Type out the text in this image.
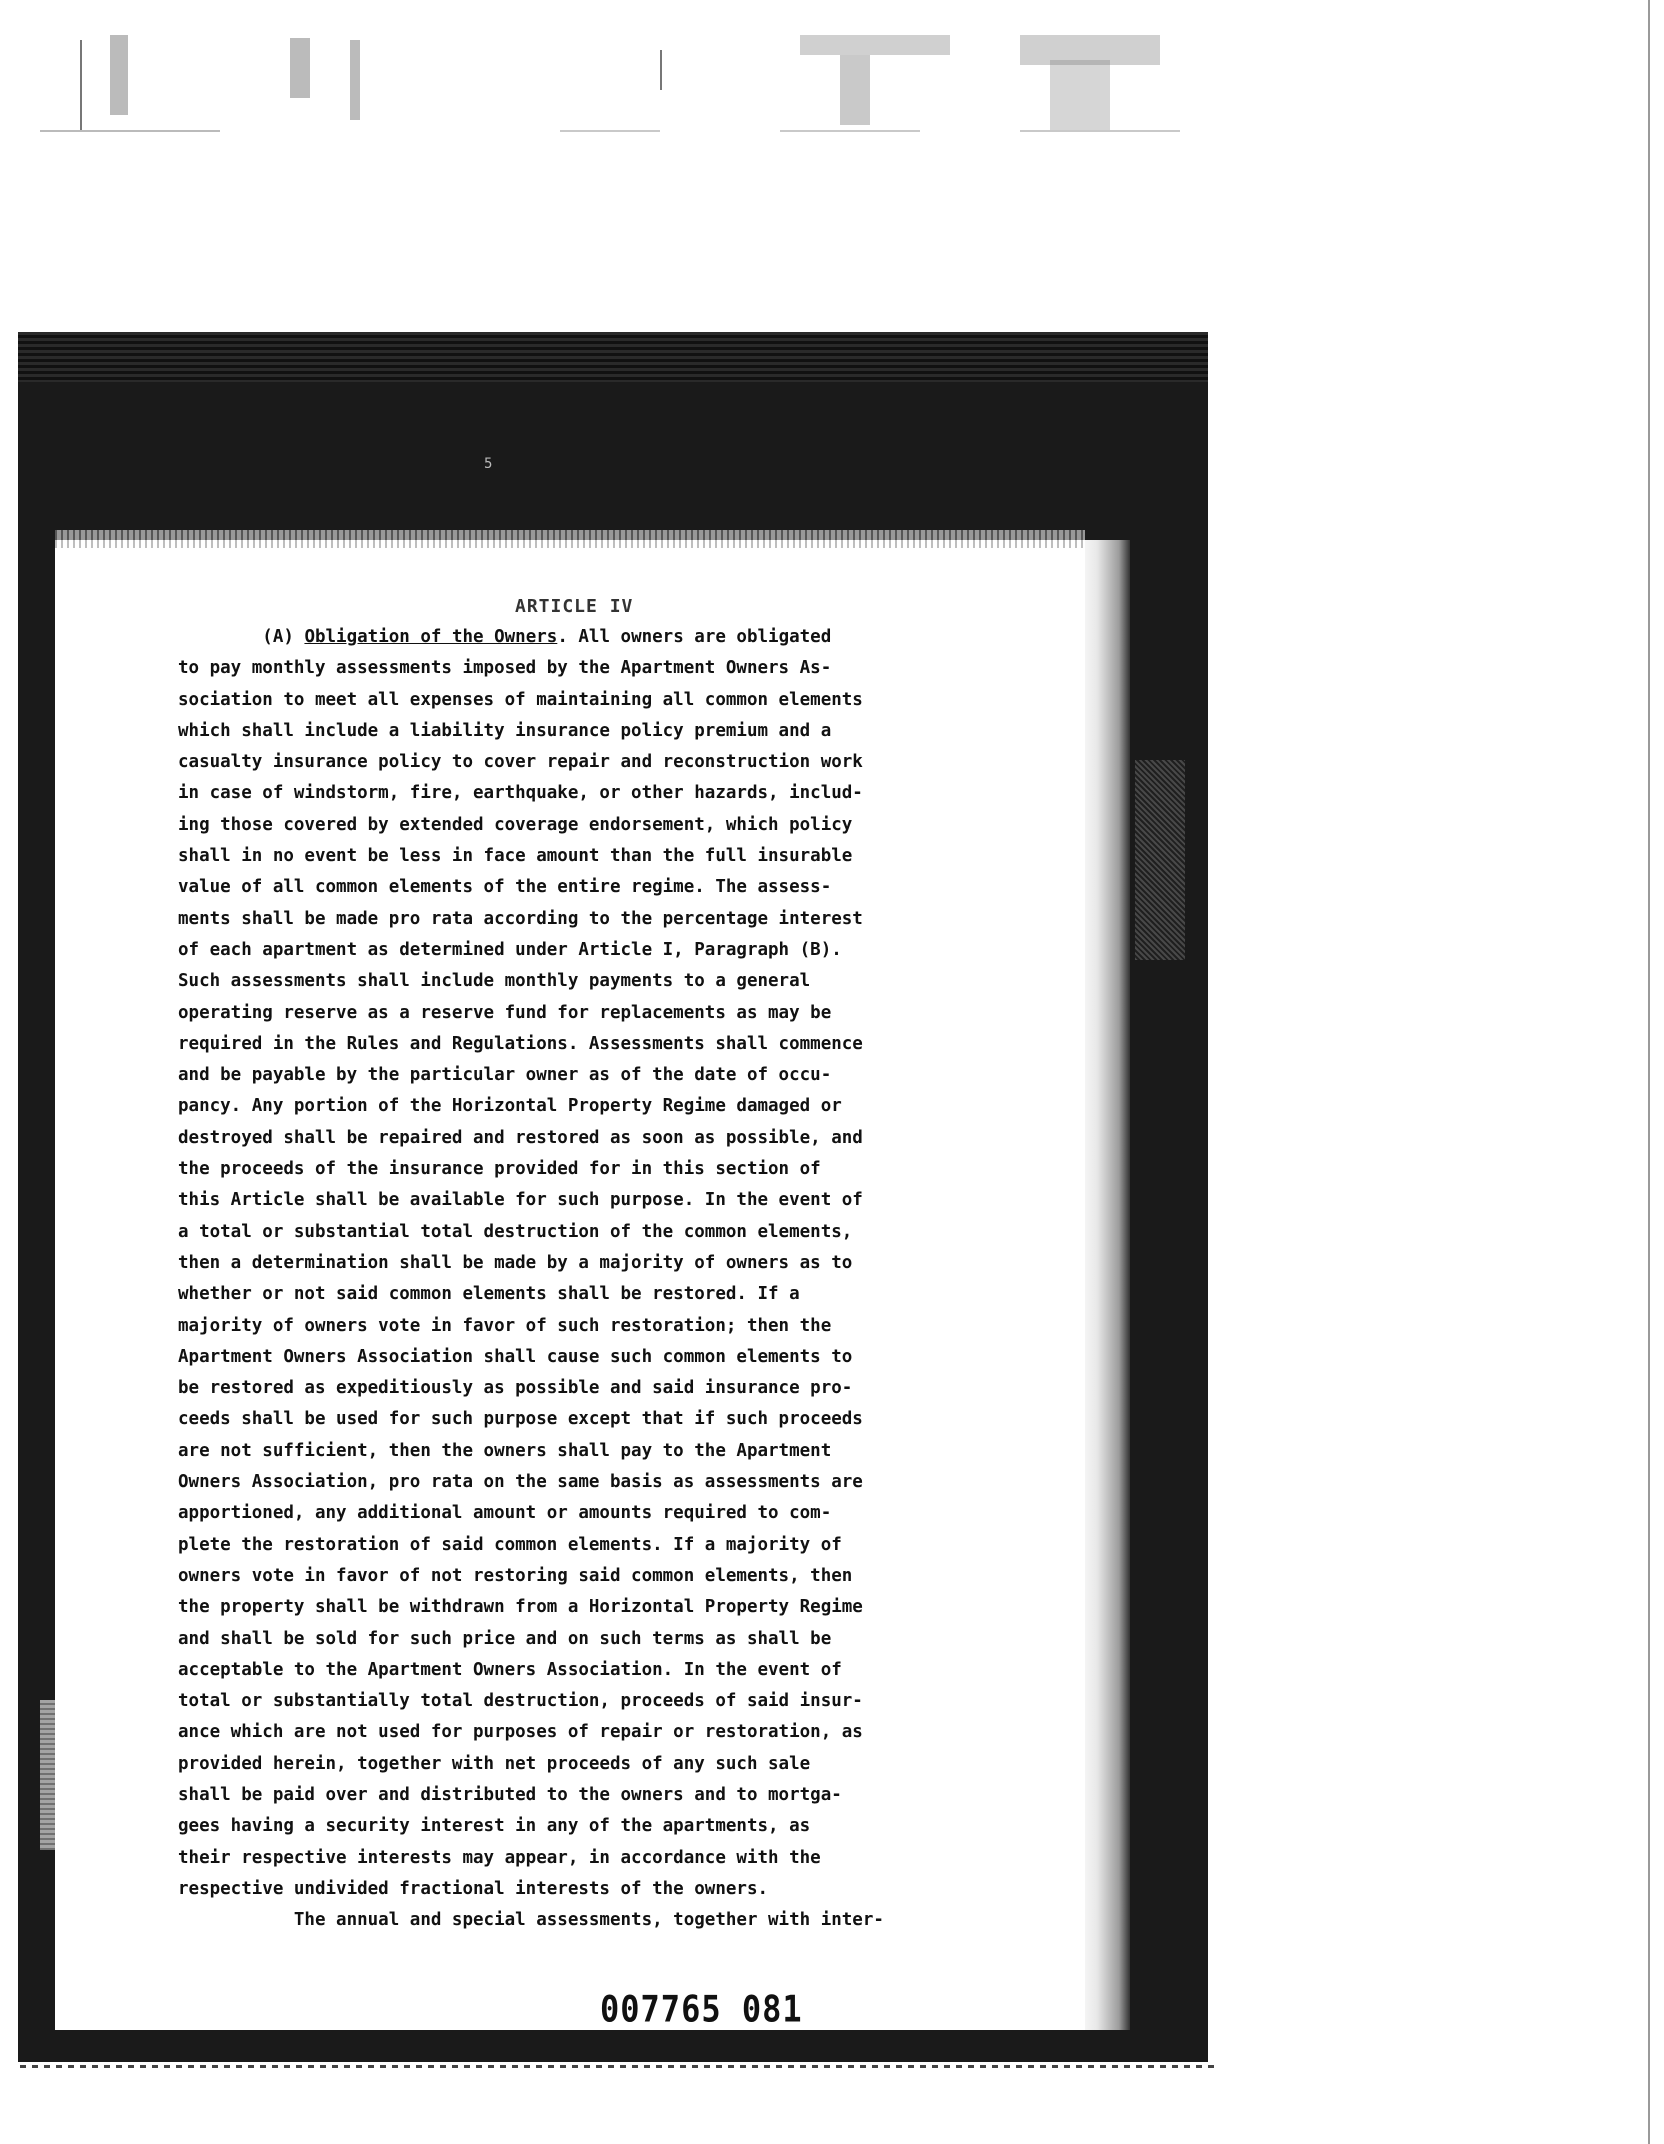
5
ARTICLE IV
(A) Obligation of the Owners. All owners are obligated
to pay monthly assessments imposed by the Apartment Owners As-
sociation to meet all expenses of maintaining all common elements
which shall include a liability insurance policy premium and a
casualty insurance policy to cover repair and reconstruction work
in case of windstorm, fire, earthquake, or other hazards, includ-
ing those covered by extended coverage endorsement, which policy
shall in no event be less in face amount than the full insurable
value of all common elements of the entire regime. The assess-
ments shall be made pro rata according to the percentage interest
of each apartment as determined under Article I, Paragraph (B).
Such assessments shall include monthly payments to a general
operating reserve as a reserve fund for replacements as may be
required in the Rules and Regulations. Assessments shall commence
and be payable by the particular owner as of the date of occu-
pancy. Any portion of the Horizontal Property Regime damaged or
destroyed shall be repaired and restored as soon as possible, and
the proceeds of the insurance provided for in this section of
this Article shall be available for such purpose. In the event of
a total or substantial total destruction of the common elements,
then a determination shall be made by a majority of owners as to
whether or not said common elements shall be restored. If a
majority of owners vote in favor of such restoration; then the
Apartment Owners Association shall cause such common elements to
be restored as expeditiously as possible and said insurance pro-
ceeds shall be used for such purpose except that if such proceeds
are not sufficient, then the owners shall pay to the Apartment
Owners Association, pro rata on the same basis as assessments are
apportioned, any additional amount or amounts required to com-
plete the restoration of said common elements. If a majority of
owners vote in favor of not restoring said common elements, then
the property shall be withdrawn from a Horizontal Property Regime
and shall be sold for such price and on such terms as shall be
acceptable to the Apartment Owners Association. In the event of
total or substantially total destruction, proceeds of said insur-
ance which are not used for purposes of repair or restoration, as
provided herein, together with net proceeds of any such sale
shall be paid over and distributed to the owners and to mortga-
gees having a security interest in any of the apartments, as
their respective interests may appear, in accordance with the
respective undivided fractional interests of the owners.
The annual and special assessments, together with inter-
007765 081
